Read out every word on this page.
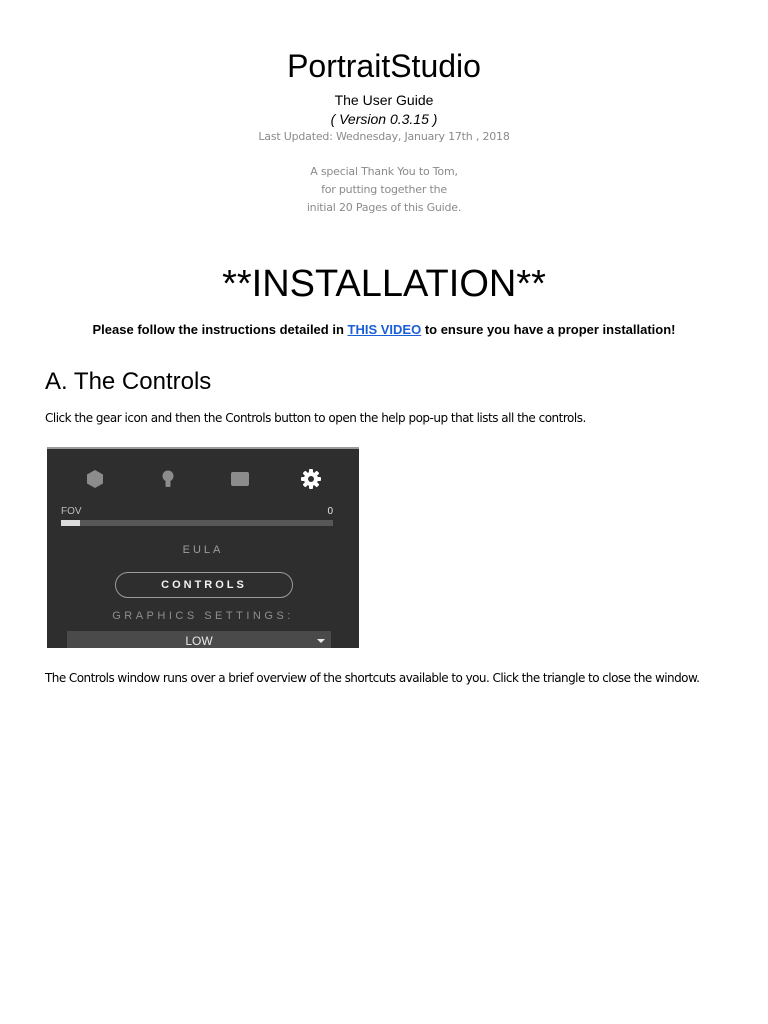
PortraitStudio
The User Guide
( Version 0.3.15 )
Last Updated: Wednesday, January 17th , 2018
A special Thank You to Tom,
for putting together the
initial 20 Pages of this Guide.
**INSTALLATION**
Please follow the instructions detailed in THIS VIDEO to ensure you have a proper installation!
A. The Controls
Click the gear icon and then the Controls button to open the help pop-up that lists all the controls.
FOV	0
EULA
CONTROLS
GRAPHICS SETTINGS:
LOW
The Controls window runs over a brief overview of the shortcuts available to you. Click the triangle to close the window.
